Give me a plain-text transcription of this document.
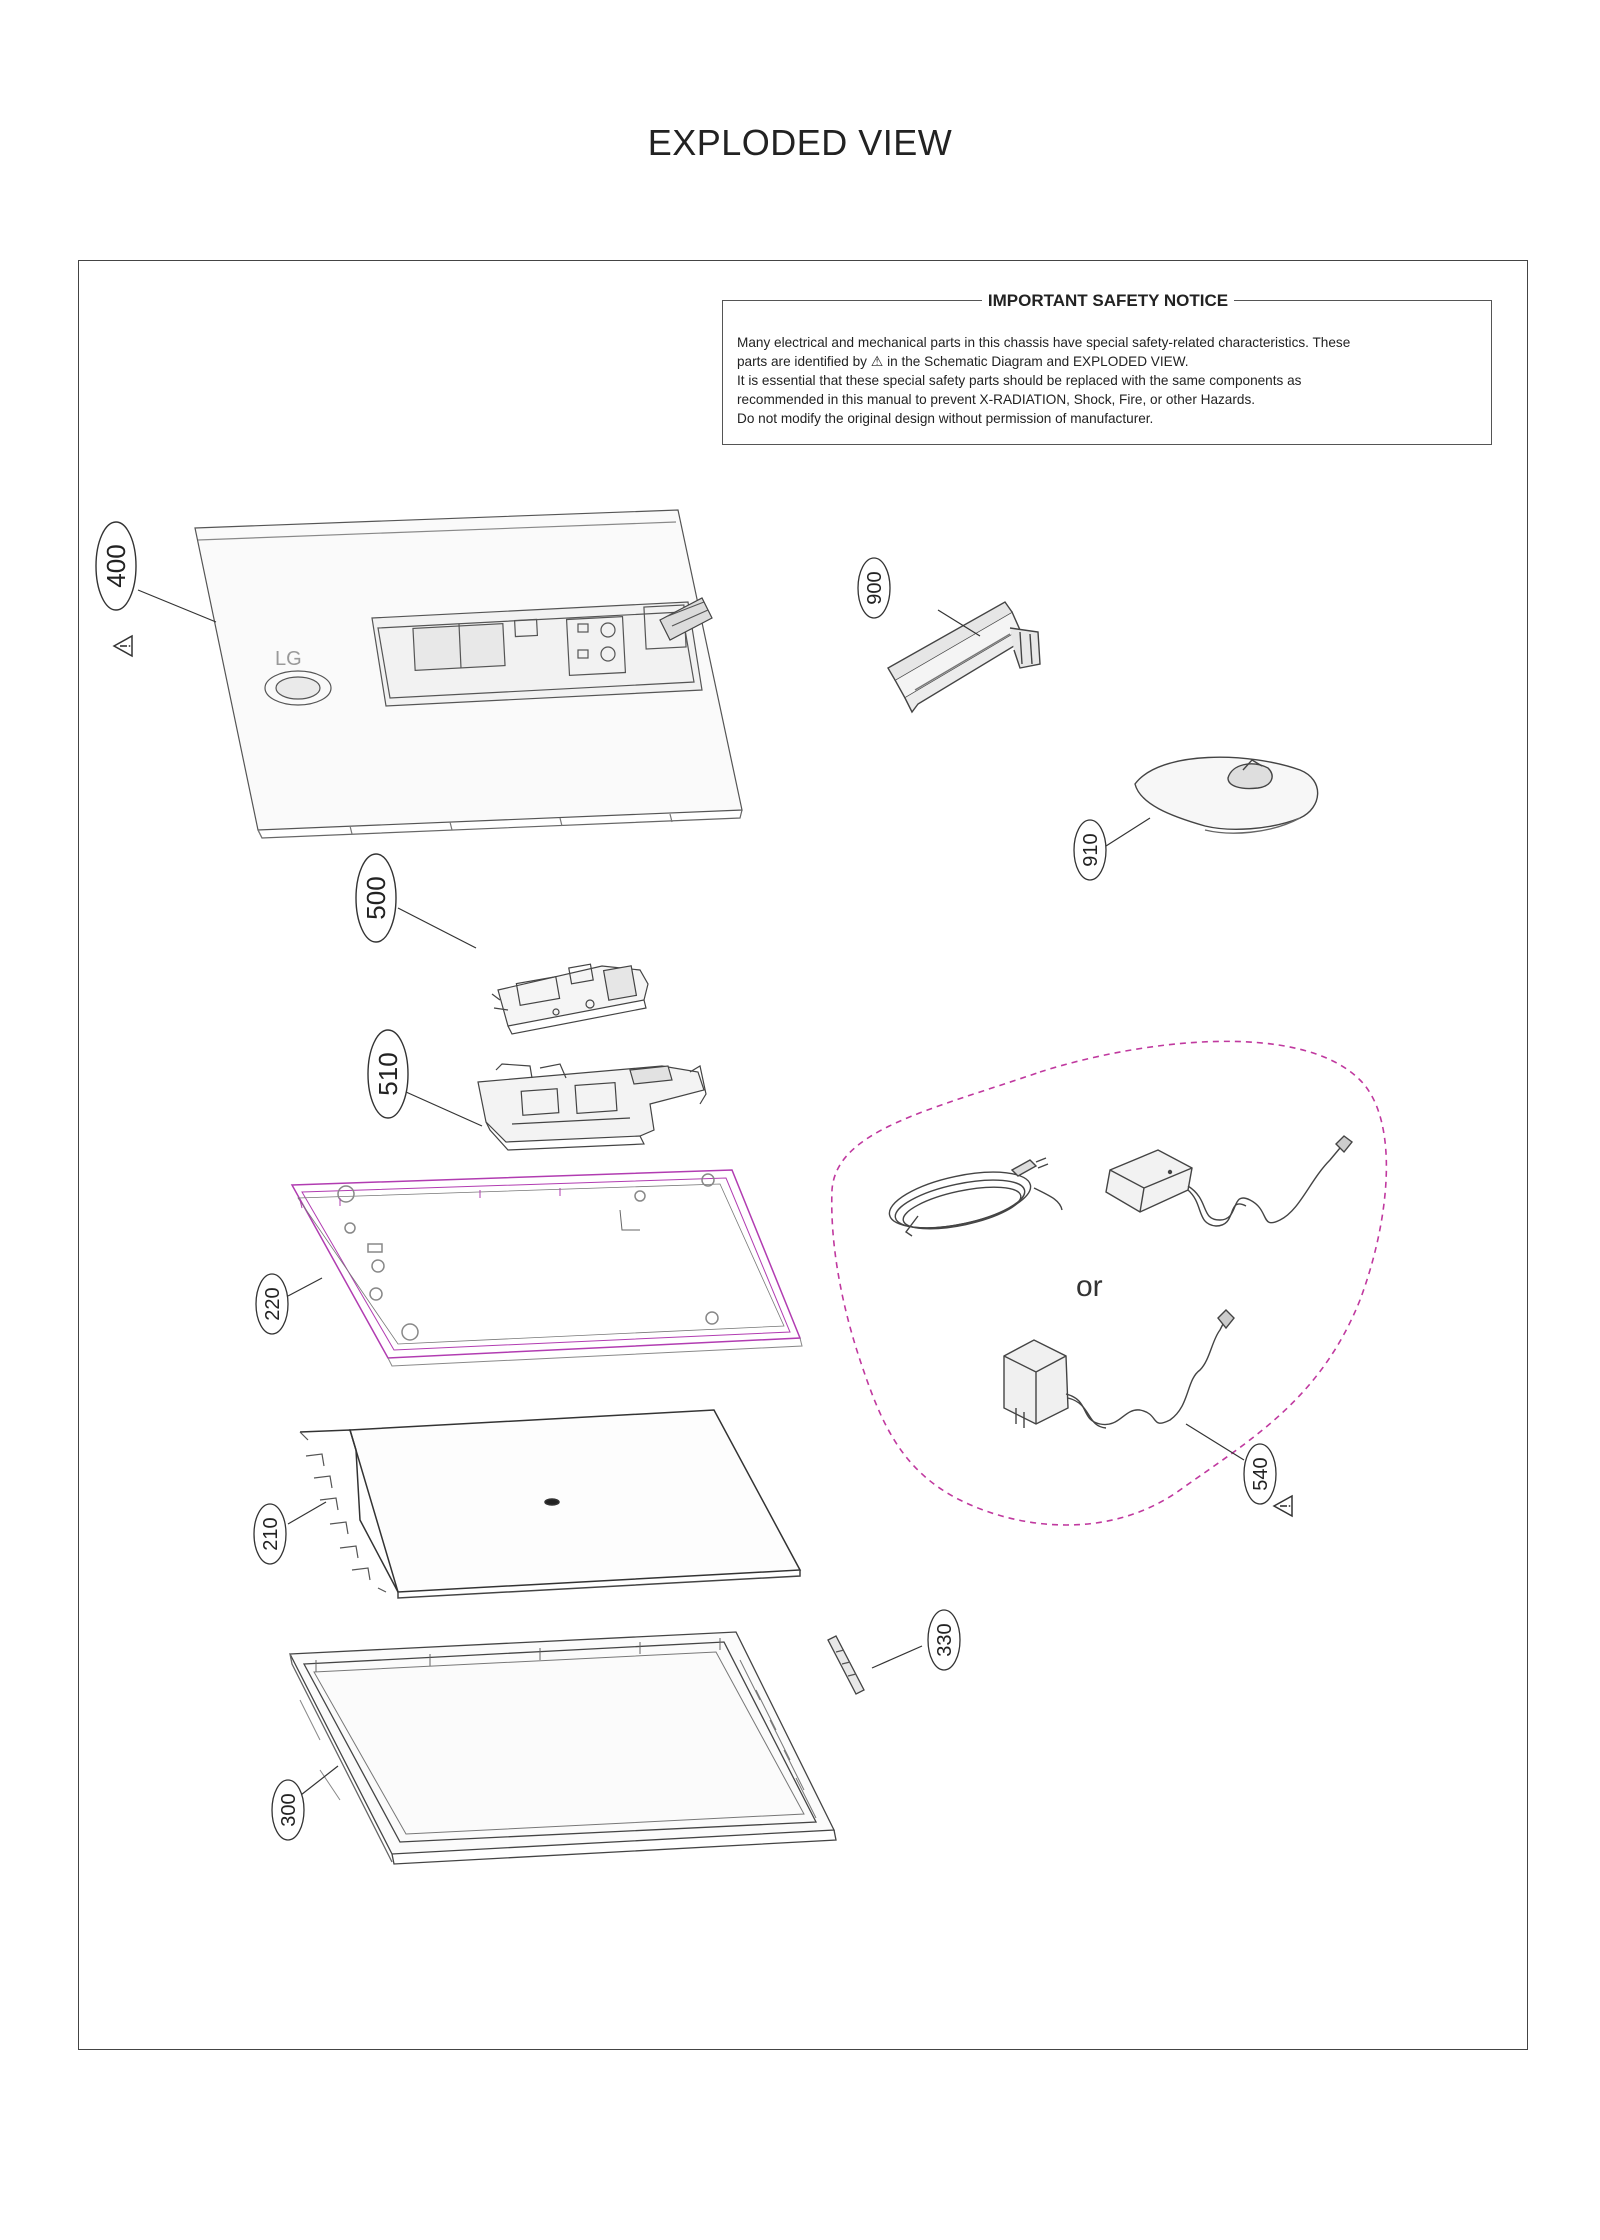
EXPLODED VIEW
IMPORTANT SAFETY NOTICE
Many electrical and mechanical parts in this chassis have special safety-related characteristics. These
parts are identified by ⚠ in the Schematic Diagram and EXPLODED VIEW.
It is essential that these special safety parts should be replaced with the same components as
recommended in this manual to prevent X-RADIATION, Shock, Fire, or other Hazards.
Do not modify the original design without permission of manufacturer.
LG
or
400
500
510
220
210
300
900
910
540
330
